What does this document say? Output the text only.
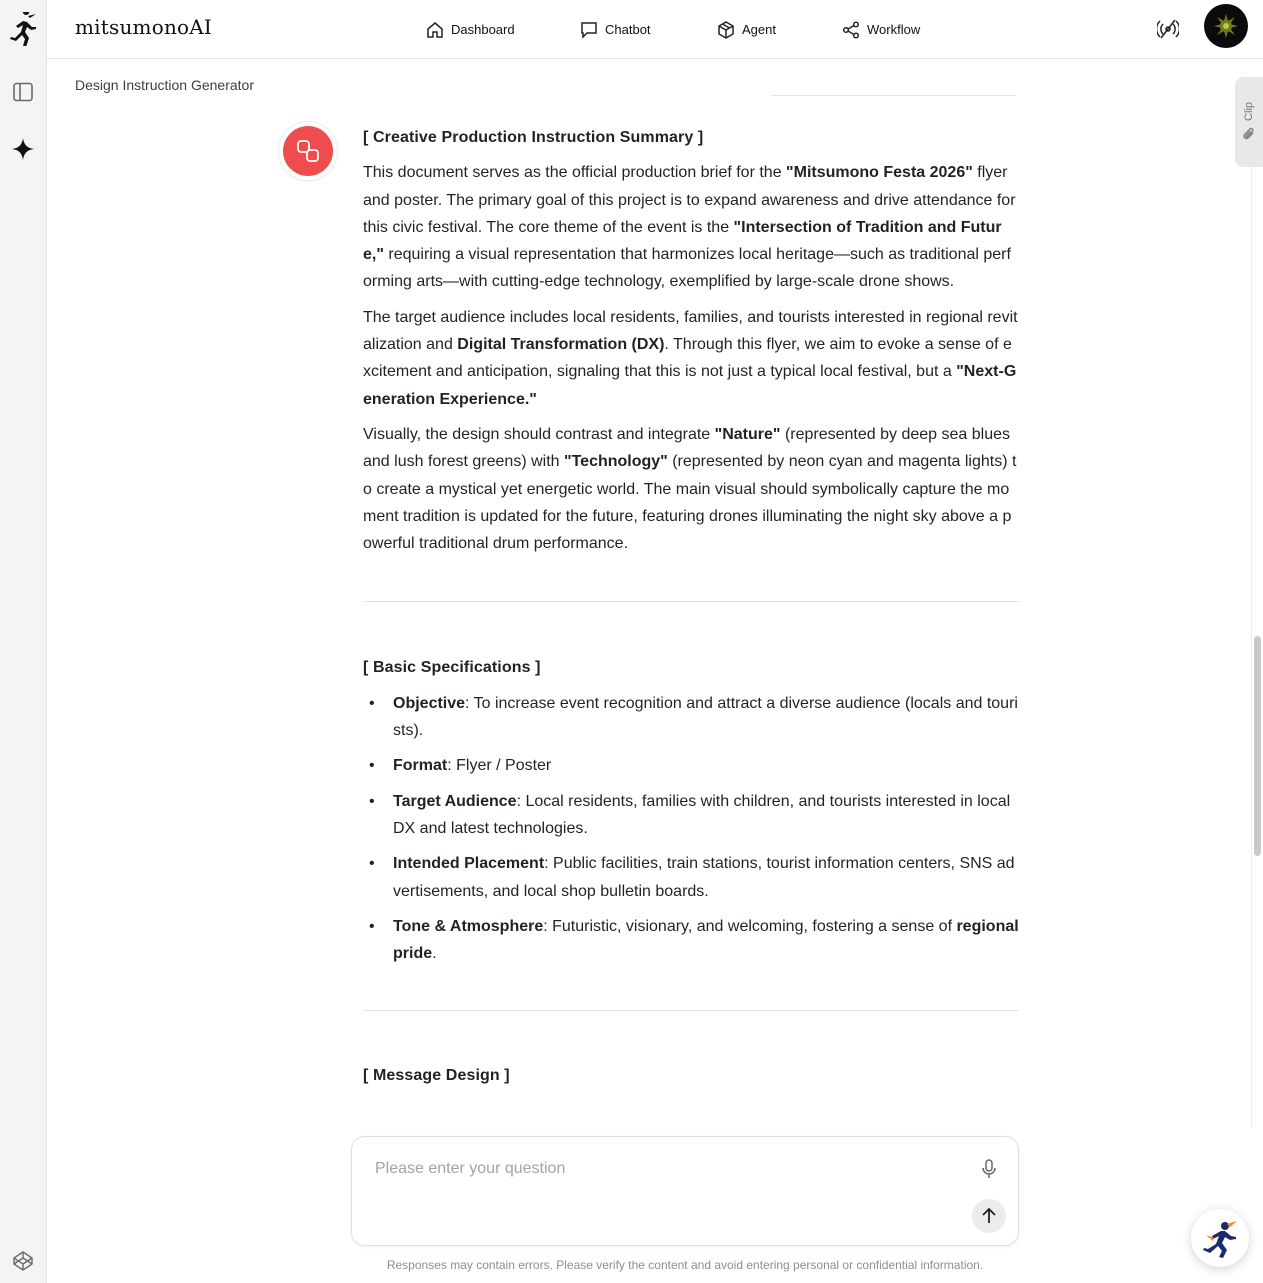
mitsumonoAI	Dashboard	Chatbot	Agent	Workflow
Design Instruction Generator
Clip
[ Creative Production Instruction Summary ]

This document serves as the official production brief for the "Mitsumono Festa 2026" flyer and poster. The primary goal of this project is to expand awareness and drive attendance for this civic festival. The core theme of the event is the "Intersection of Tradition and Future," requiring a visual representation that harmonizes local heritage—such as traditional performing arts—with cutting-edge technology, exemplified by large-scale drone shows.

The target audience includes local residents, families, and tourists interested in regional revitalization and Digital Transformation (DX). Through this flyer, we aim to evoke a sense of excitement and anticipation, signaling that this is not just a typical local festival, but a "Next-Generation Experience."

Visually, the design should contrast and integrate "Nature" (represented by deep sea blues and lush forest greens) with "Technology" (represented by neon cyan and magenta lights) to create a mystical yet energetic world. The main visual should symbolically capture the moment tradition is updated for the future, featuring drones illuminating the night sky above a powerful traditional drum performance.

[ Basic Specifications ]
• Objective: To increase event recognition and attract a diverse audience (locals and tourists).
• Format: Flyer / Poster
• Target Audience: Local residents, families with children, and tourists interested in local DX and latest technologies.
• Intended Placement: Public facilities, train stations, tourist information centers, SNS advertisements, and local shop bulletin boards.
• Tone & Atmosphere: Futuristic, visionary, and welcoming, fostering a sense of regional pride.
[ Message Design ]
Please enter your question
Responses may contain errors. Please verify the content and avoid entering personal or confidential information.
